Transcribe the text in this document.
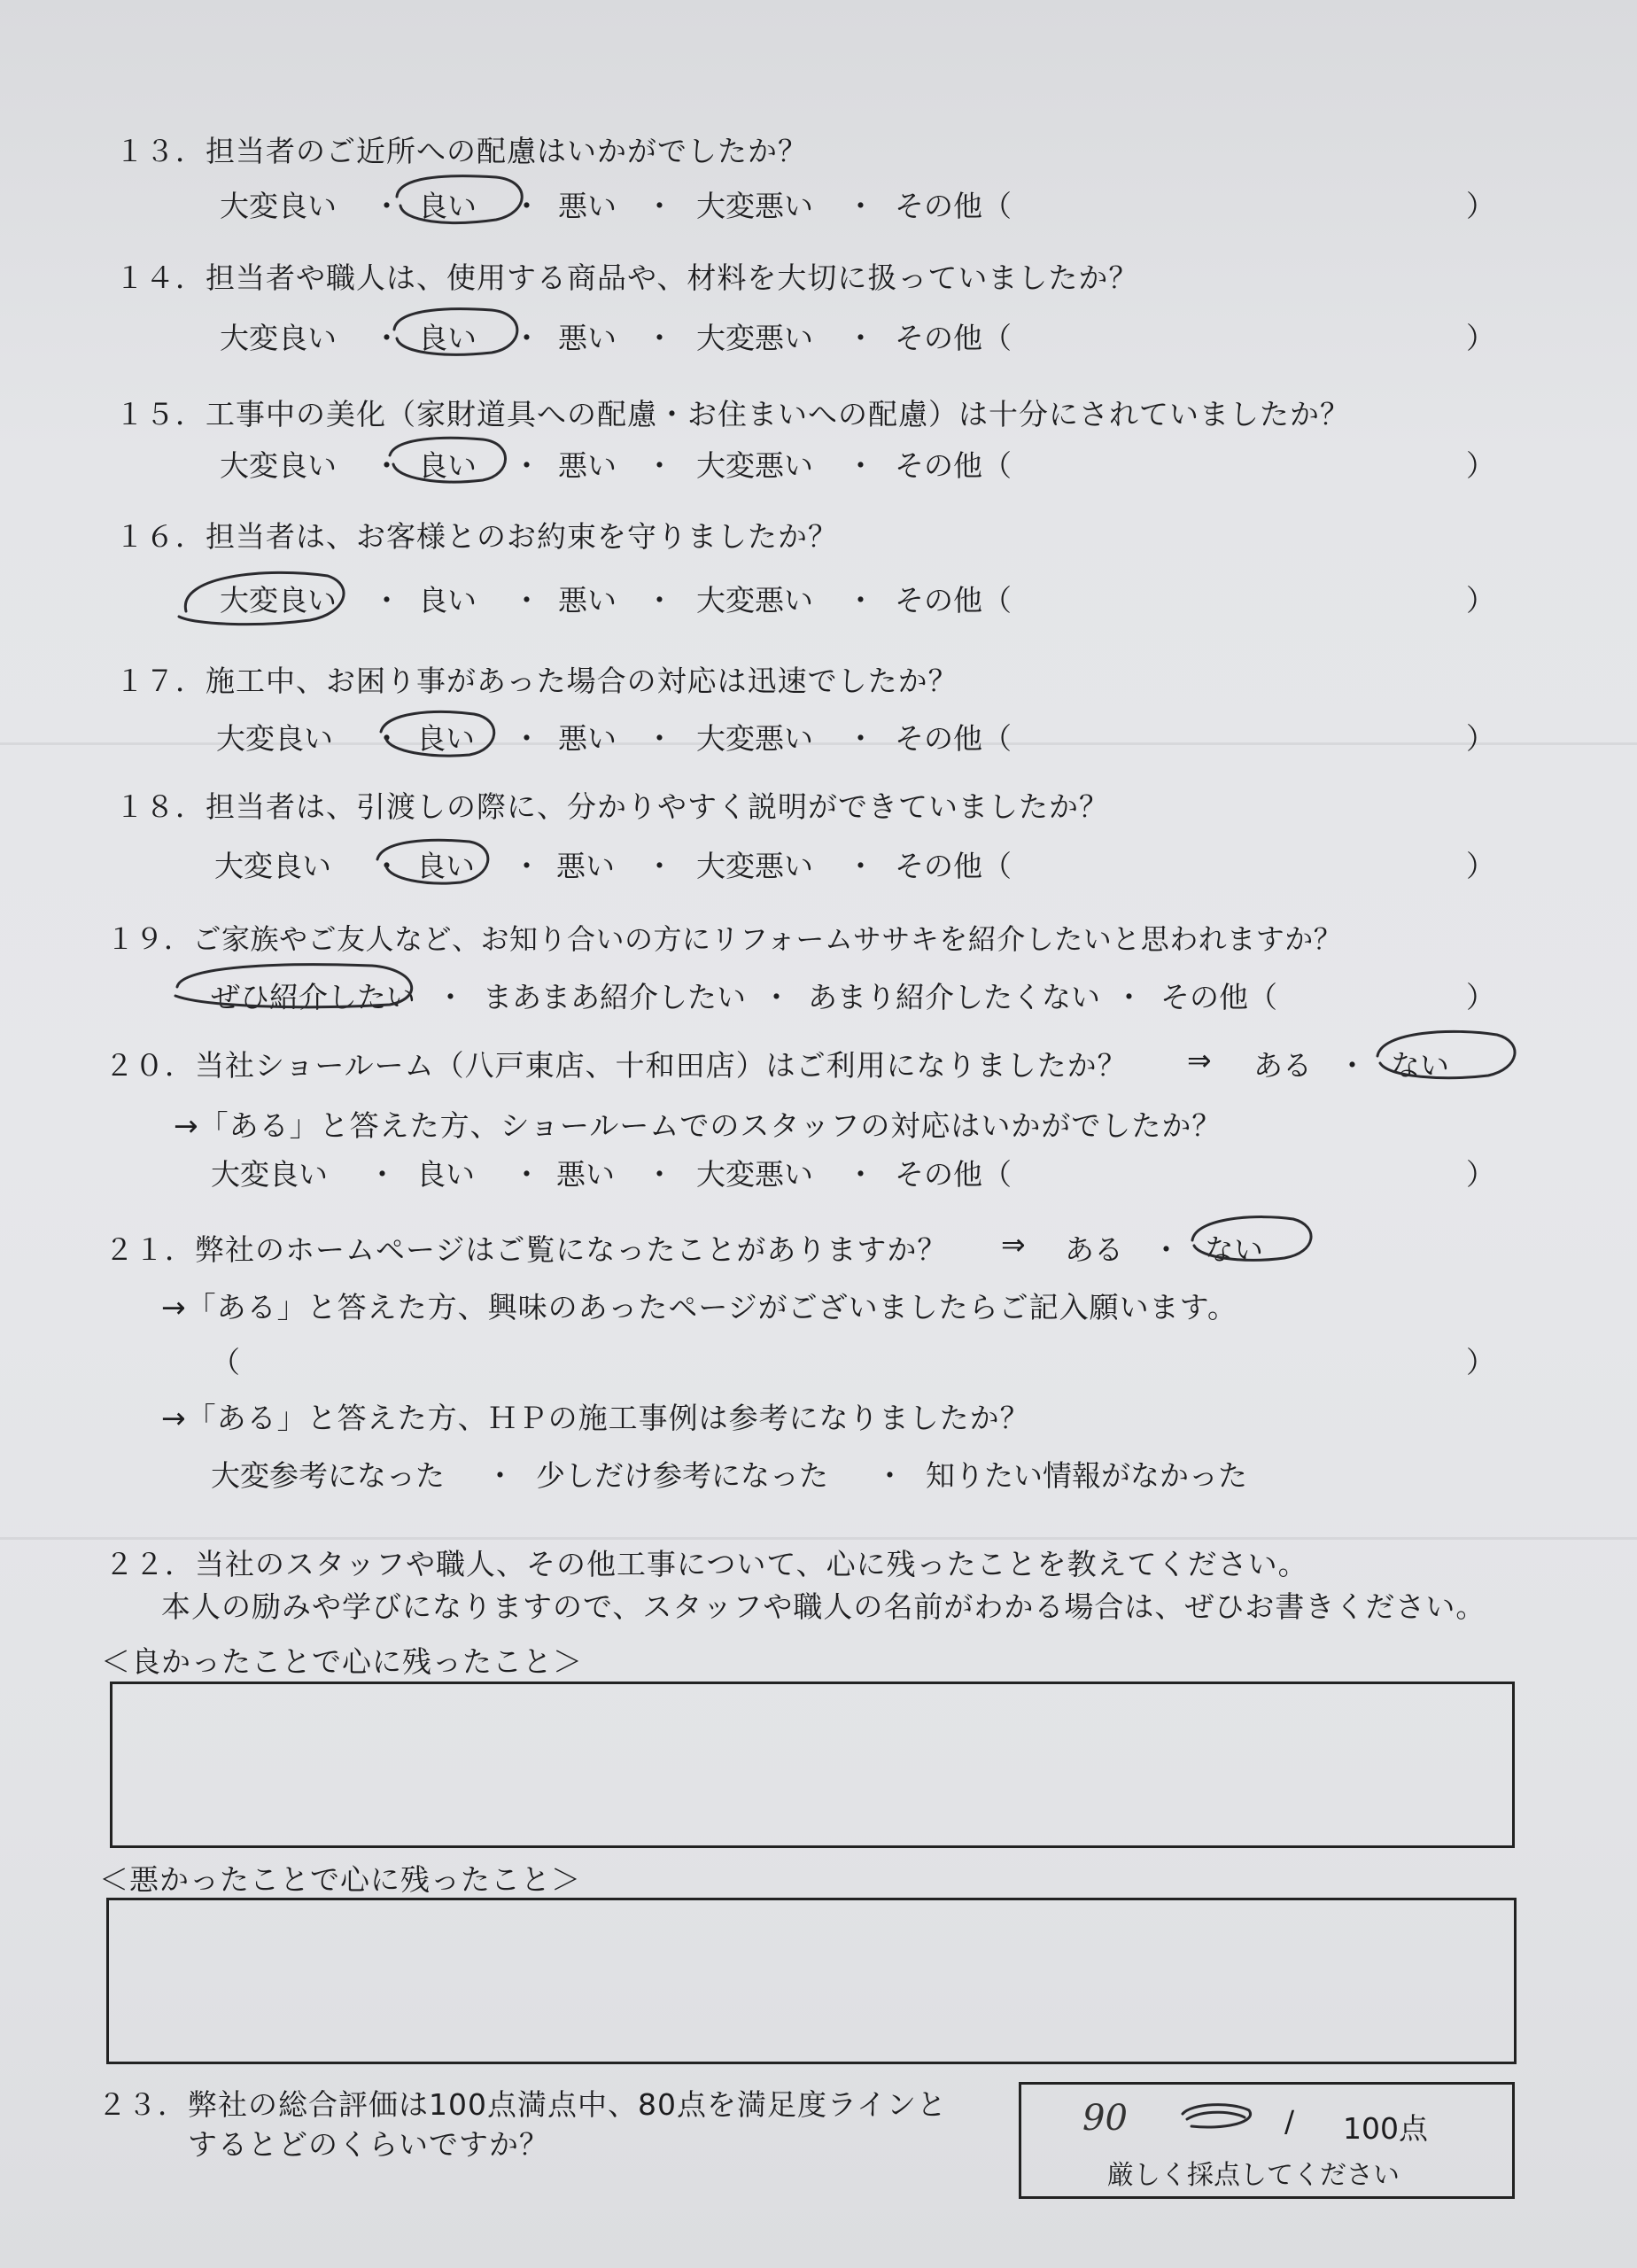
１３．担当者のご近所への配慮はいかがでしたか？
大変良い ・ 良い ・ 悪い ・ 大変悪い ・ その他（	）
１４．担当者や職人は、使用する商品や、材料を大切に扱っていましたか？
大変良い ・ 良い ・ 悪い ・ 大変悪い ・ その他（	）
１５．工事中の美化（家財道具への配慮・お住まいへの配慮）は十分にされていましたか？
大変良い ・ 良い ・ 悪い ・ 大変悪い ・ その他（	）
１６．担当者は、お客様とのお約束を守りましたか？
大変良い ・ 良い ・ 悪い ・ 大変悪い ・ その他（	）
１７．施工中、お困り事があった場合の対応は迅速でしたか？
大変良い ・ 良い ・ 悪い ・ 大変悪い ・ その他（	）
１８．担当者は、引渡しの際に、分かりやすく説明ができていましたか？
大変良い ・ 良い ・ 悪い ・ 大変悪い ・ その他（	）
１９．ご家族やご友人など、お知り合いの方にリフォームササキを紹介したいと思われますか？
ぜひ紹介したい ・ まあまあ紹介したい ・ あまり紹介したくない ・ その他（	）
２０．当社ショールーム（八戸東店、十和田店）はご利用になりましたか？ ⇒ ある ・ ない
→「ある」と答えた方、ショールームでのスタッフの対応はいかがでしたか？
大変良い ・ 良い ・ 悪い ・ 大変悪い ・ その他（	）
２１．弊社のホームページはご覧になったことがありますか？ ⇒ ある ・ ない
→「ある」と答えた方、興味のあったページがございましたらご記入願います。
（	）
→「ある」と答えた方、ＨＰの施工事例は参考になりましたか？
大変参考になった ・ 少しだけ参考になった ・ 知りたい情報がなかった
２２．当社のスタッフや職人、その他工事について、心に残ったことを教えてください。
本人の励みや学びになりますので、スタッフや職人の名前がわかる場合は、ぜひお書きください。
＜良かったことで心に残ったこと＞
＜悪かったことで心に残ったこと＞
２３．弊社の総合評価は100点満点中、80点を満足度ラインと
するとどのくらいですか？
90	/ 100点
厳しく採点してください
